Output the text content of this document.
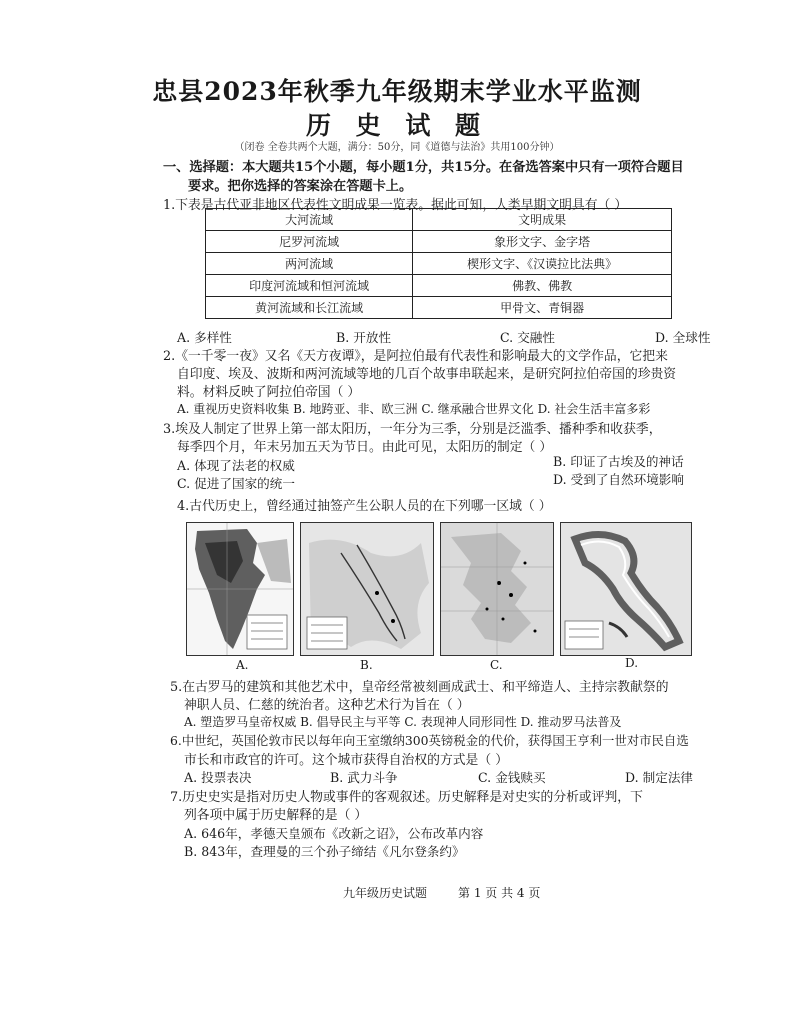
忠县2023年秋季九年级期末学业水平监测
历 史 试 题
（闭卷 全卷共两个大题，满分：50分，同《道德与法治》共用100分钟）
一、选择题：本大题共15个小题，每小题1分，共15分。在备选答案中只有一项符合题目
要求。把你选择的答案涂在答题卡上。
1.下表是古代亚非地区代表性文明成果一览表。据此可知，人类早期文明具有（ ）
大河流域	文明成果
尼罗河流域	象形文字、金字塔
两河流域	楔形文字、《汉谟拉比法典》
印度河流域和恒河流域	佛教、佛教
黄河流域和长江流域	甲骨文、青铜器
A. 多样性	B. 开放性	C. 交融性	D. 全球性
2.《一千零一夜》又名《天方夜谭》，是阿拉伯最有代表性和影响最大的文学作品，它把来
自印度、埃及、波斯和两河流域等地的几百个故事串联起来，是研究阿拉伯帝国的珍贵资
料。材料反映了阿拉伯帝国（ ）
A. 重视历史资料收集 B. 地跨亚、非、欧三洲 C. 继承融合世界文化 D. 社会生活丰富多彩
3.埃及人制定了世界上第一部太阳历，一年分为三季，分别是泛滥季、播种季和收获季，
每季四个月，年末另加五天为节日。由此可见，太阳历的制定（ ）
A. 体现了法老的权威	B. 印证了古埃及的神话
C. 促进了国家的统一	D. 受到了自然环境影响
4.古代历史上，曾经通过抽签产生公职人员的在下列哪一区域（ ）
A.	B.	C.	D.
5.在古罗马的建筑和其他艺术中，皇帝经常被刻画成武士、和平缔造人、主持宗教献祭的
神职人员、仁慈的统治者。这种艺术行为旨在（ ）
A. 塑造罗马皇帝权威 B. 倡导民主与平等 C. 表现神人同形同性 D. 推动罗马法普及
6.中世纪，英国伦敦市民以每年向王室缴纳300英镑税金的代价，获得国王亨利一世对市民自选
市长和市政官的许可。这个城市获得自治权的方式是（ ）
A. 投票表决	B. 武力斗争	C. 金钱赎买	D. 制定法律
7.历史史实是指对历史人物或事件的客观叙述。历史解释是对史实的分析或评判，下
列各项中属于历史解释的是（ ）
A. 646年，孝德天皇颁布《改新之诏》，公布改革内容
B. 843年，查理曼的三个孙子缔结《凡尔登条约》
九年级历史试题	第 1 页 共 4 页
